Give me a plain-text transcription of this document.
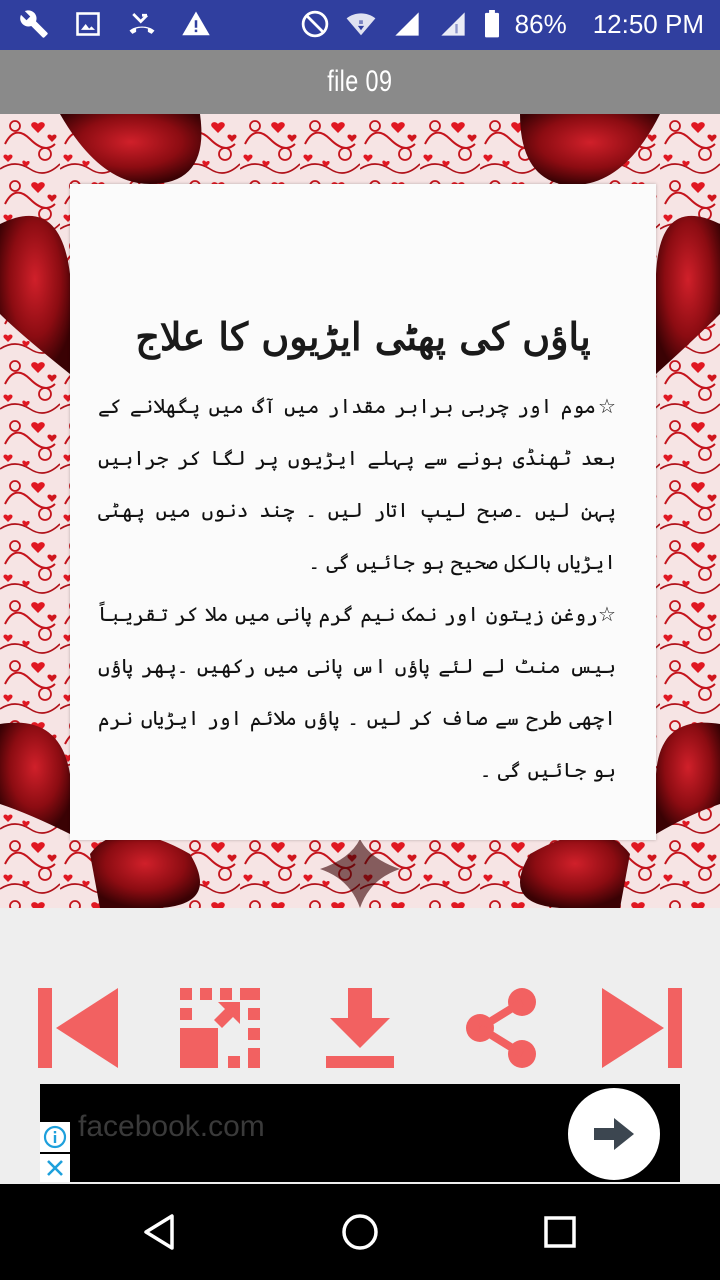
86% 12:50 PM
file 09
پاؤں کی پھٹی ایڑیوں کا علاج

☆موم اور چربی برابر مقدار میں آگ میں پگھلانے کے بعد ٹھنڈی ہونے سے پہلے ایڑیوں پر لگا کر جرابیں پہن لیں ۔صبح لیپ اتار لیں ۔ چند دنوں میں پھٹی ایڑیاں بالکل صحیح ہو جائیں گی ۔

☆روغن زیتون اور نمک نیم گرم پانی میں ملا کر تقریباً بیس منٹ لے لئے پاؤں اس پانی میں رکھیں ۔پھر پاؤں اچھی طرح سے صاف کر لیں ۔ پاؤں ملائم اور ایڑیاں نرم ہو جائیں گی ۔

facebook.com
